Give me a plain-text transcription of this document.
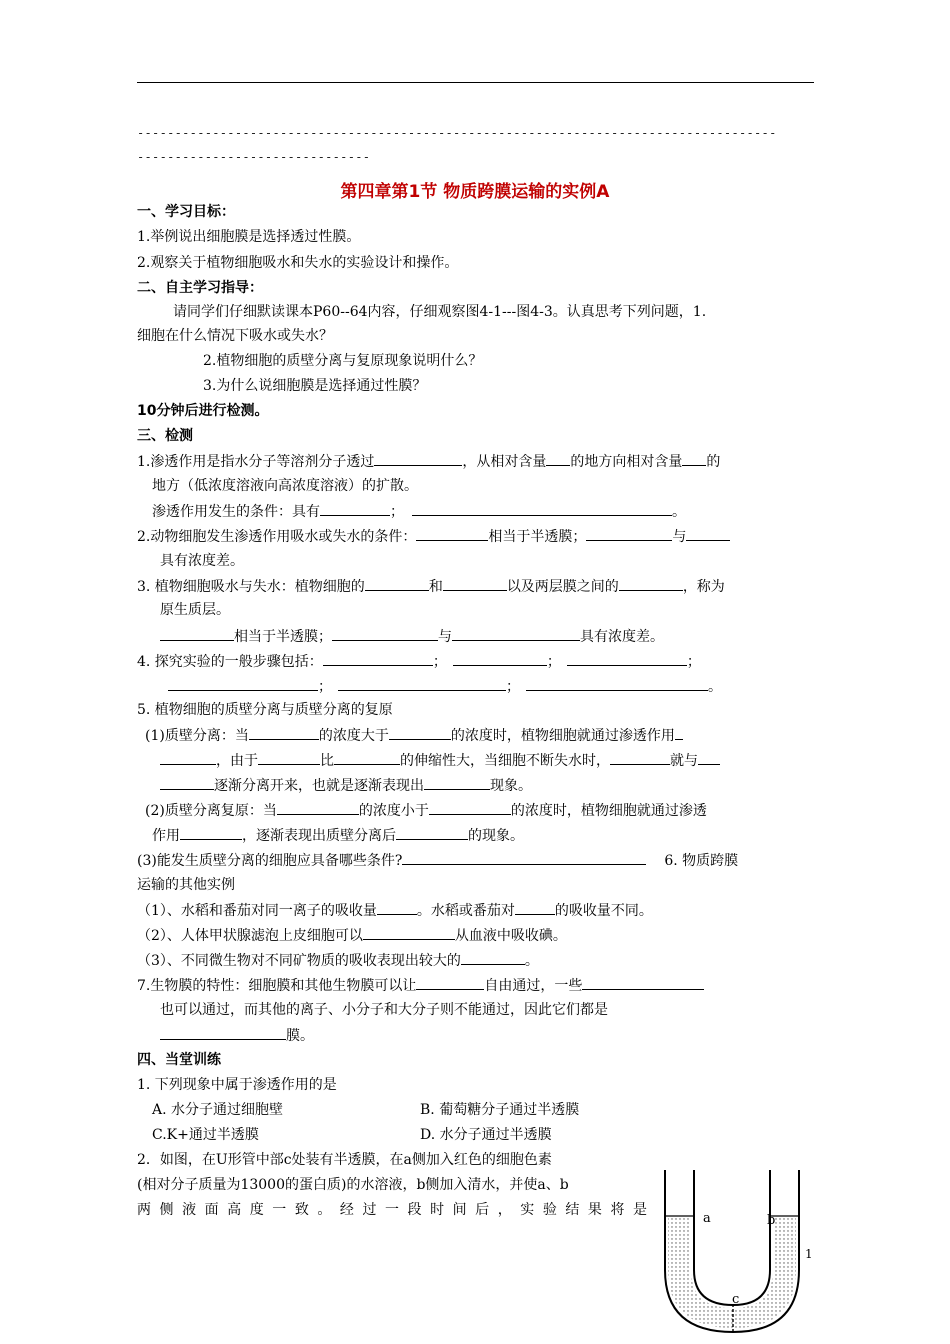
-------------------------------------------------------------------------------------
-------------------------------
第四章第1节 物质跨膜运输的实例A
一、学习目标：
1.举例说出细胞膜是选择透过性膜。
2.观察关于植物细胞吸水和失水的实验设计和操作。
二、自主学习指导：
请同学们仔细默读课本P60--64内容，仔细观察图4-1---图4-3。认真思考下列问题，1.
细胞在什么情况下吸水或失水？
2.植物细胞的质壁分离与复原现象说明什么？
3.为什么说细胞膜是选择通过性膜？
10分钟后进行检测。
三、检测
1.渗透作用是指水分子等溶剂分子透过	，从相对含量 的地方向相对含量 的
地方（低浓度溶液向高浓度溶液）的扩散。
渗透作用发生的条件：具有	；	。
2.动物细胞发生渗透作用吸水或失水的条件：	相当于半透膜；	与
具有浓度差。
3. 植物细胞吸水与失水：植物细胞的	和	以及两层膜之间的	，称为
原生质层。
相当于半透膜；	与	具有浓度差。
4. 探究实验的一般步骤包括：	；	；	；
；	；	。
5. 植物细胞的质壁分离与质壁分离的复原
(1)质壁分离：当	的浓度大于	的浓度时，植物细胞就通过渗透作用
，由于	比	的伸缩性大，当细胞不断失水时，	就与
逐渐分离开来，也就是逐渐表现出	现象。
(2)质壁分离复原：当	的浓度小于	的浓度时，植物细胞就通过渗透
作用	，逐渐表现出质壁分离后	的现象。
(3)能发生质壁分离的细胞应具备哪些条件?	6. 物质跨膜
运输的其他实例
（1）、水稻和番茄对同一离子的吸收量	。水稻或番茄对	的吸收量不同。
（2）、人体甲状腺滤泡上皮细胞可以	从血液中吸收碘。
（3）、不同微生物对不同矿物质的吸收表现出较大的	。
7.生物膜的特性：细胞膜和其他生物膜可以让	自由通过，一些
也可以通过，而其他的离子、小分子和大分子则不能通过，因此它们都是
膜。
四、当堂训练
1. 下列现象中属于渗透作用的是
A. 水分子通过细胞壁	B. 葡萄糖分子通过半透膜
C.K+通过半透膜	D. 水分子通过半透膜
2．如图，在U形管中部c处装有半透膜，在a侧加入红色的细胞色素
(相对分子质量为13000的蛋白质)的水溶液，b侧加入清水，并使a、b
两侧液面高度一致。经过一段时间后，实验结果将是
a	b
c
1
